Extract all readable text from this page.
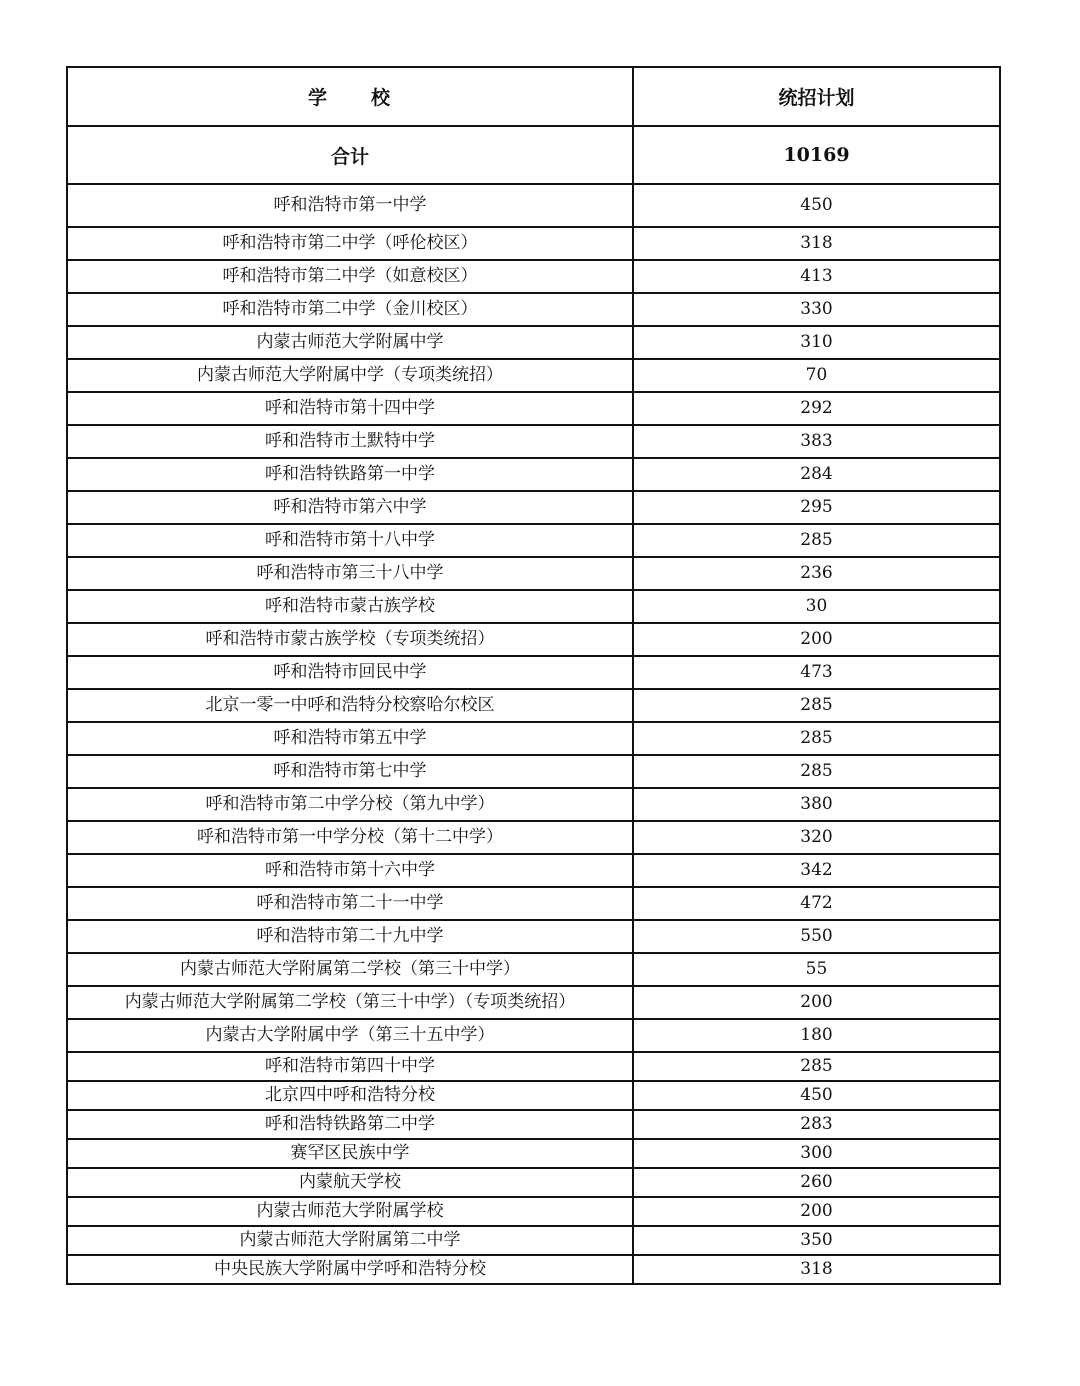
学　　校	统招计划
合计	10169
呼和浩特市第一中学	450
呼和浩特市第二中学（呼伦校区）	318
呼和浩特市第二中学（如意校区）	413
呼和浩特市第二中学（金川校区）	330
内蒙古师范大学附属中学	310
内蒙古师范大学附属中学（专项类统招）	70
呼和浩特市第十四中学	292
呼和浩特市土默特中学	383
呼和浩特铁路第一中学	284
呼和浩特市第六中学	295
呼和浩特市第十八中学	285
呼和浩特市第三十八中学	236
呼和浩特市蒙古族学校	30
呼和浩特市蒙古族学校（专项类统招）	200
呼和浩特市回民中学	473
北京一零一中呼和浩特分校察哈尔校区	285
呼和浩特市第五中学	285
呼和浩特市第七中学	285
呼和浩特市第二中学分校（第九中学）	380
呼和浩特市第一中学分校（第十二中学）	320
呼和浩特市第十六中学	342
呼和浩特市第二十一中学	472
呼和浩特市第二十九中学	550
内蒙古师范大学附属第二学校（第三十中学）	55
内蒙古师范大学附属第二学校（第三十中学）（专项类统招）	200
内蒙古大学附属中学（第三十五中学）	180
呼和浩特市第四十中学	285
北京四中呼和浩特分校	450
呼和浩特铁路第二中学	283
赛罕区民族中学	300
内蒙航天学校	260
内蒙古师范大学附属学校	200
内蒙古师范大学附属第二中学	350
中央民族大学附属中学呼和浩特分校	318
